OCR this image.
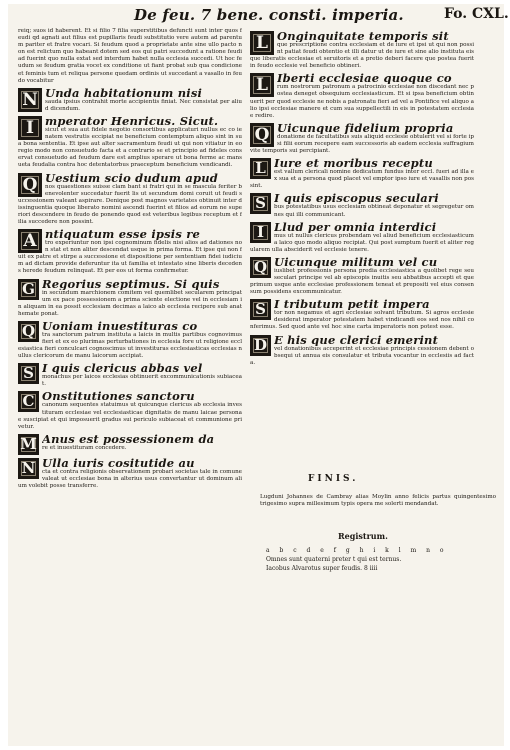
De feu. 7 bene. consti. imperia.	Fo. CXL.

reiq; suos id haberent. Et si filio 7 filia superstitibus defuncti sunt inter quos feudi qd agnati aut filius est pupillaris feudi substitutio vere autem ad parentum pariter et fratre vocari. Si feudum quod a proprietate ante sine ullo pacto non est relictum quo habeant dotem sed eos qui patri succedunt a ratione feudi ad fuerint quo nulla extat sed interdum habet nulla ecclesia succedi. Ut hoc feudum se feudum gratia vocet ex conditione ut fiant probat sub qua condicione et feminis tum et reliqua persone quedam ordinis ut succedant a vasallo in feudo vocabitur

N Unda habitationum nisi

sauda ipsius contrahit morte accipientis finiat. Nec consistat per aliud dicendum.

I mperator Henricus. Sicut.

sicut et sua aut fidele negotio consortibus applicaturi nullus ec co ienatem vestrutis eccipiat ne beneficium contemptum aliquo sint in sua bona sententia. Et ipse aut alter sacramentum feudi ut qui non vitiatur in eo regio modo non consuetudo facta et a contrario se et principio ad fideles conservat consuetudo ad feudum dare est amplius sperare ut bona ferme ac mansueta feudalia contra hoc detentatorbus praeceptum beneficium vendicandi.

Q Uestium scio dudum apud

nos quaestiones suisse clam bant si fratri qui in se mascula feriter benevolenter succedatur fuerit lis ut secundum domi coruit ut feudi successionem valeant aspirare. Denique post magnos varietates obtinuit inter dissinguentia quoque liberato nomini ascendi fuerint et filios ad eorum ne superiori descendere in feudo de ponendo quod est veteribus legibus receptum et filia succedere non possint.

A ntiquatum esse ipsis re

tro experiuntur non ipsi cognominum fidelis nisi alios ad dationes non stat et non aliter descendat usque in prima forma. Et ipse qui non fuit ex patre et stirpe a successione et dispositione per sententiam fidei iudicium ad dictam provide deferuntur ita ut familia et intestato sine liberis decedens herede feudum relinquat. Et per eos ut forma confirmetur.

G Regorius septimus. Si quis

in secundum marchionem comitem vel quemlibet secularem principatum ex pace possessionem a prima sciente electione vel in ecclesiam in aliquam in ea possit ecclesiam decimas a laico ab ecclesia recipere sub anathemate ponat.

Q Uoniam inuestituras co

tra sanctorum patrum instituta a laicis in multis partibus cognovimus fieri et ex eo plurimas perturbationes in ecclesia fore ut religione ecclesiastica fieri conculcari cognoscimus ut investituras ecclesiasticas ecclesias nullus clericorum de manu laicorum accipiat.

S I quis clericus abbas vel

monachus per laicos ecclesias obtinuerit excommunicationis subiaceat.

C Onstitutiones sanctoru

canonum sequentes statuimus ut quicunque clericus ab ecclesia investituram ecclesiae vel ecclesiasticae dignitatis de manu laicae personae suscipiat et qui imposuerit gradus sui periculo subiaceat et communione privetur.

M Anus est possessionem da

re et inuestituram concedere.

N Ulla iuris cositutide au

cta et contra religionis observationem probari societas tale in comune valeat ut ecclesiae bona in alterius usus convertantur ut dominum alium volebit posse transferre.

L Onginquitate temporis sit

que prescriptione contra ecclesiam et de iure et ipsi ut qui non possint patiat feudi obtentio et illi datur ut de iure et sine alio instituta eisque liberatis ecclesiae et seruitoris et a pretio deberi facere que postea fuerit in feudo ecclesie vel beneficio obtineri.

L Iberti ecclesiae quoque co

rum nostrorum patronum a patrocinio ecclesiae non discedant nec postea deneget obsequium ecclesiasticum. Et si ipsa beneficium obtinuerit per quod ecclesie ne nobis a patronatu fieri ad vel a Pontifice vel aliquo alio ipsi ecclesiae manere et cum sua suppellectili in eis in potestatem ecclesiae redire.

Q Uicunque fidelium propria

donatione de facultatibus suis aliquid ecclesie obtulerit vel si forte ipsi filii eorum recepere eam successoris ab eadem ecclesia suffragium vite temporis sui percipiant.

L Iure et moribus receptu

est vallum clericali nomine dedicatum fundus inter eccl. fueri ad illa ex sua et a persona quod placet vel emptor ipso iure et vasallis non possint.

S I quis episcopus seculari

bus potestatibus usus ecclesiam obtineat deponatur et segregetur omnes qui illi communicant.

I Llud per omnia interdici

mus ut nullus clericus probendam vel aliud beneficium ecclesiasticum a laico quo modo aliquo recipiat. Qui post sumptum fuerit et aliter regularem ulla absciderit vel ecclesie tenere.

Q Uicunque militum vel cu

iuslibet professionis persona predia ecclesiastica a quolibet rege seu seculari principe vel ab episcopis inuitis seu abbatibus accepti et que primum usque ante ecclesiae professionem teneat et prepositi vel eius consensum possidens excommunicatur.

S I tributum petit impera

tor non negamus et agri ecclesiae solvant tributum. Si agros ecclesie desiderat imperator potestatem habet vindicandi eos sed nos nihil conferimus. Sed quod ante vel hoc sine carta imperatoris non potest esse.

D E his que clerici emerint

vel donationibus acceperint et ecclesiae principis cessionem debent obsequi ut annua eis consulatur et tributa vocantur in ecclesiis ad facta.

FINIS.
Lugduni Johannes de Cambray alias Moylin anno felicis partus quingentesimo trigesimo supra millesimum typis opera me solerti mendandat.
Registrum.
a b c d e f g h i k l m n o
Omnes sunt quaterni preter t qui est ternus.
Iacobus Alvarotus super feudis. 8 iiii
